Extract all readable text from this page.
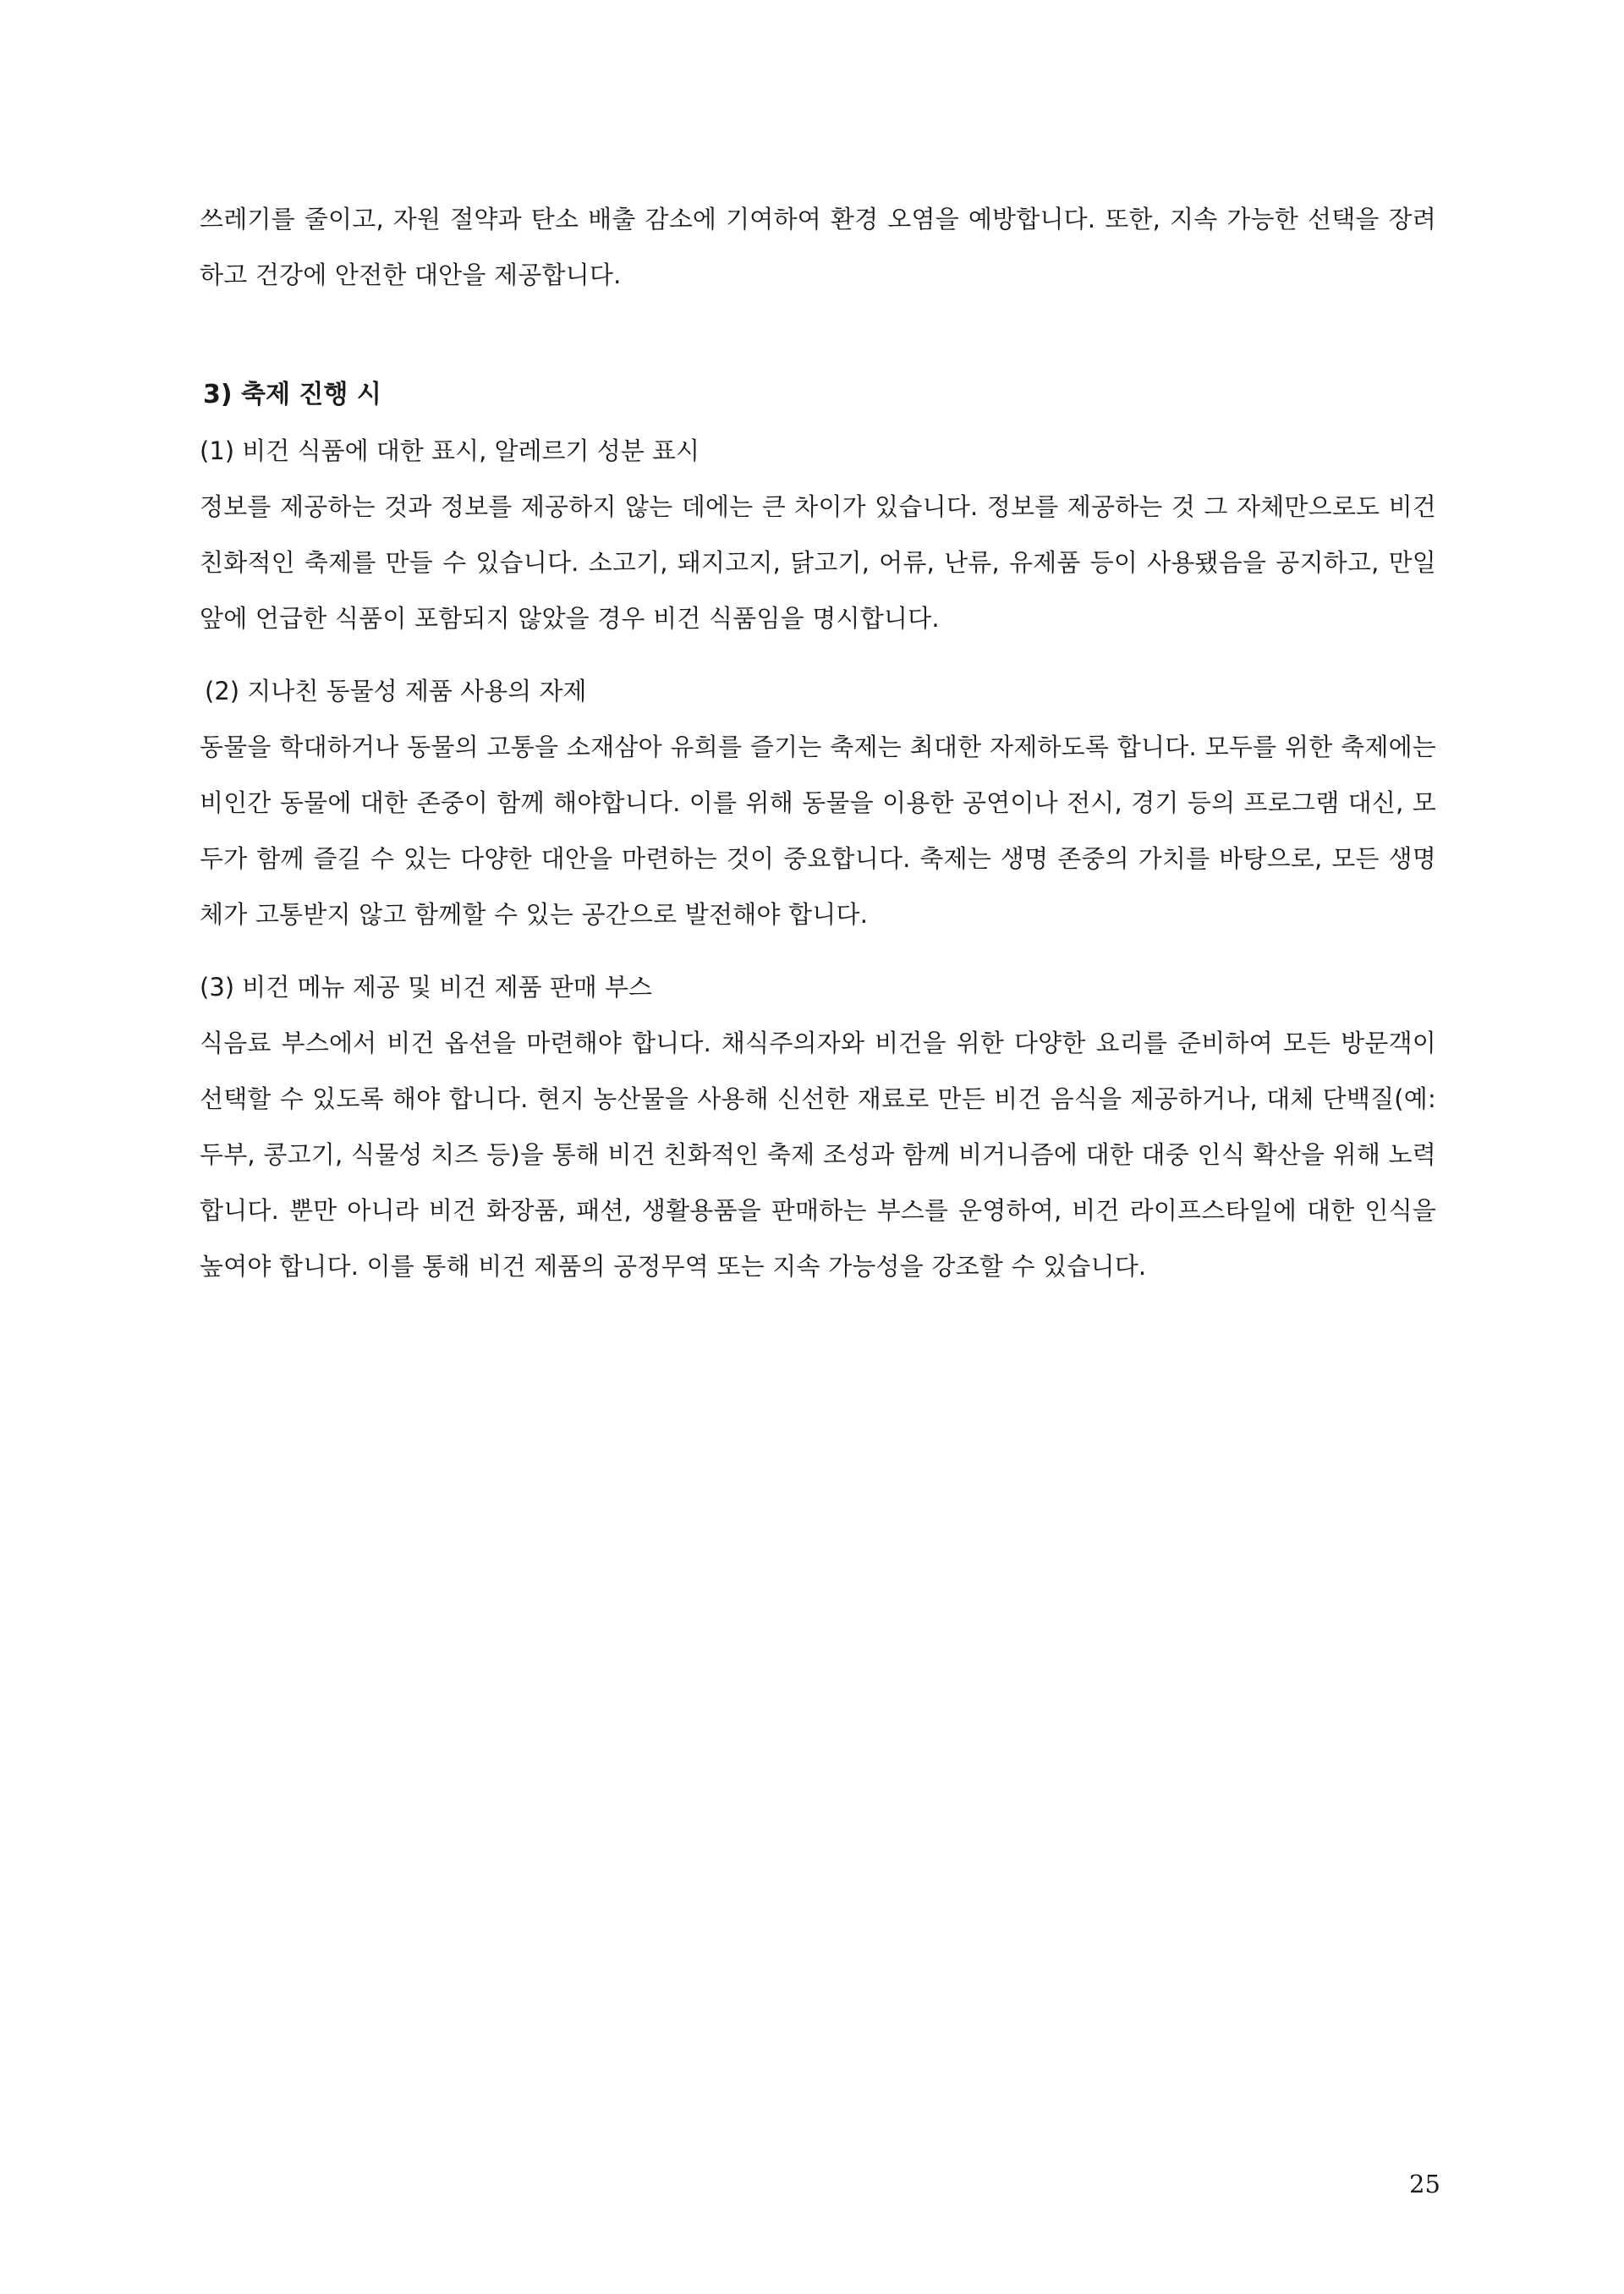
쓰레기를 줄이고, 자원 절약과 탄소 배출 감소에 기여하여 환경 오염을 예방합니다. 또한, 지속 가능한 선택을 장려하고 건강에 안전한 대안을 제공합니다.

3) 축제 진행 시
(1) 비건 식품에 대한 표시, 알레르기 성분 표시

정보를 제공하는 것과 정보를 제공하지 않는 데에는 큰 차이가 있습니다. 정보를 제공하는 것 그 자체만으로도 비건 친화적인 축제를 만들 수 있습니다. 소고기, 돼지고지, 닭고기, 어류, 난류, 유제품 등이 사용됐음을 공지하고, 만일 앞에 언급한 식품이 포함되지 않았을 경우 비건 식품임을 명시합니다.

(2) 지나친 동물성 제품 사용의 자제

동물을 학대하거나 동물의 고통을 소재삼아 유희를 즐기는 축제는 최대한 자제하도록 합니다. 모두를 위한 축제에는 비인간 동물에 대한 존중이 함께 해야합니다. 이를 위해 동물을 이용한 공연이나 전시, 경기 등의 프로그램 대신, 모두가 함께 즐길 수 있는 다양한 대안을 마련하는 것이 중요합니다. 축제는 생명 존중의 가치를 바탕으로, 모든 생명체가 고통받지 않고 함께할 수 있는 공간으로 발전해야 합니다.

(3) 비건 메뉴 제공 및 비건 제품 판매 부스

식음료 부스에서 비건 옵션을 마련해야 합니다. 채식주의자와 비건을 위한 다양한 요리를 준비하여 모든 방문객이 선택할 수 있도록 해야 합니다. 현지 농산물을 사용해 신선한 재료로 만든 비건 음식을 제공하거나, 대체 단백질(예: 두부, 콩고기, 식물성 치즈 등)을 통해 비건 친화적인 축제 조성과 함께 비거니즘에 대한 대중 인식 확산을 위해 노력합니다. 뿐만 아니라 비건 화장품, 패션, 생활용품을 판매하는 부스를 운영하여, 비건 라이프스타일에 대한 인식을 높여야 합니다. 이를 통해 비건 제품의 공정무역 또는 지속 가능성을 강조할 수 있습니다.

25
